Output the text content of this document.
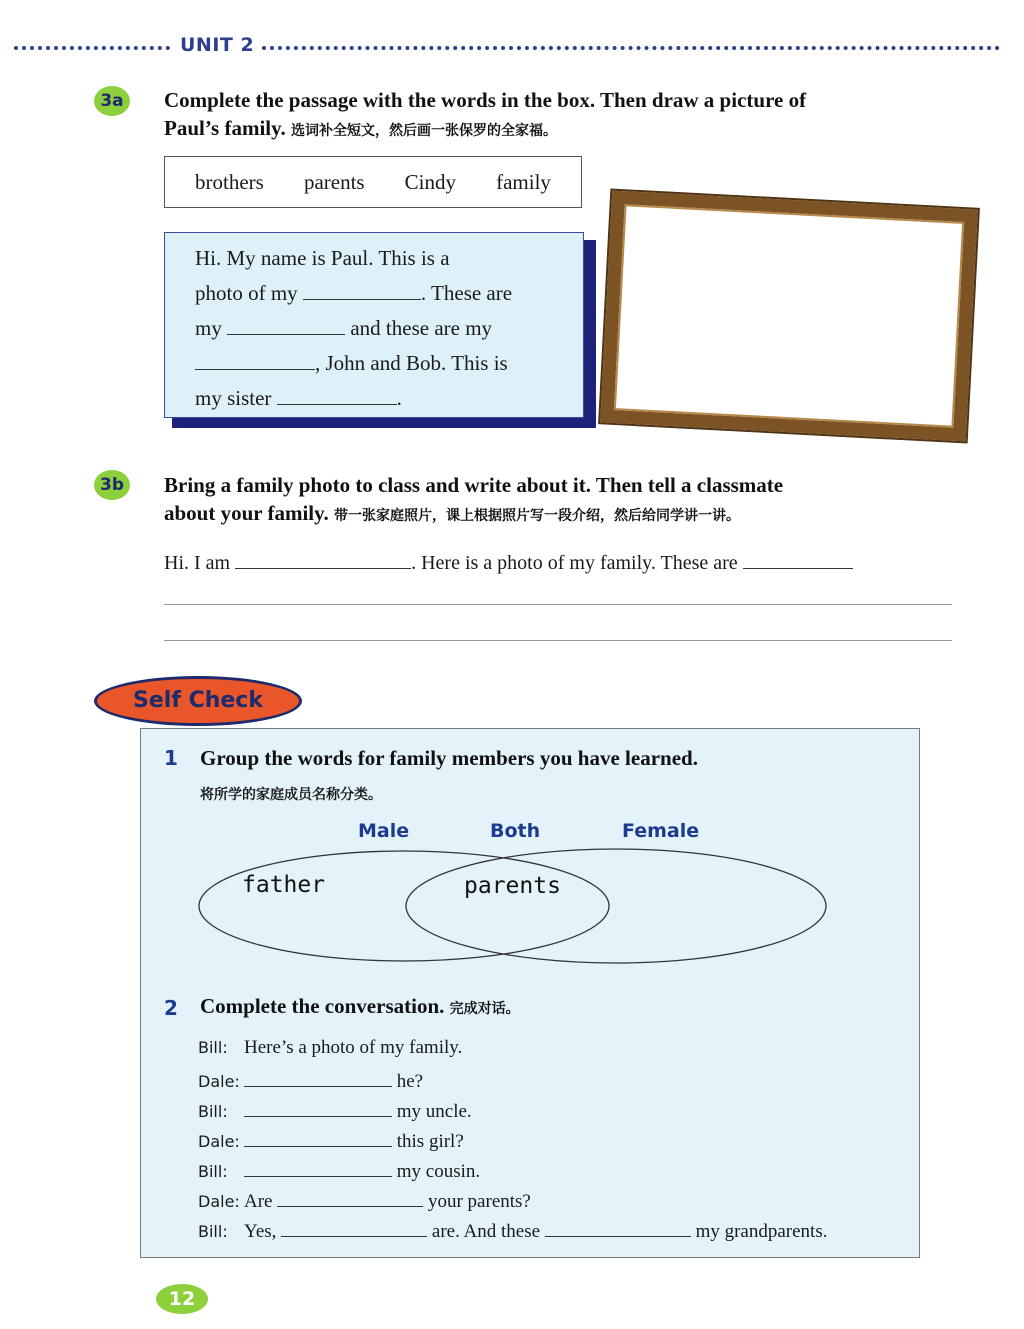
UNIT 2
3a	Complete the passage with the words in the box. Then draw a picture of
Paul’s family. 选词补全短文，然后画一张保罗的全家福。
brothers parents Cindy family
Hi. My name is Paul. This is a
photo of my	. These are
my	and these are my
, John and Bob. This is
my sister	.
3b Bring a family photo to class and write about it. Then tell a classmate
about your family. 带一张家庭照片，课上根据照片写一段介绍，然后给同学讲一讲。
Hi. I am	. Here is a photo of my family. These are
Self Check
1 Group the words for family members you have learned.
将所学的家庭成员名称分类。
Male	Both	Female
father	parents
2 Complete the conversation. 完成对话。
Bill: Here’s a photo of my family.
Dale:	he?
Bill:	my uncle.
Dale:	this girl?
Bill:	my cousin.
Dale: Are	your parents?
Bill: Yes,	are. And these	my grandparents.
12
